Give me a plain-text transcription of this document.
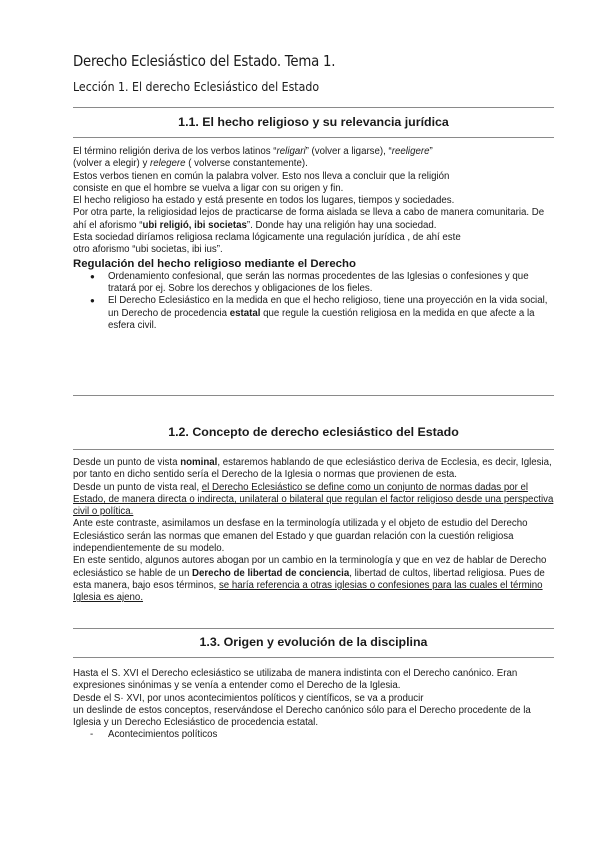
Derecho Eclesiástico del Estado. Tema 1.
Lección 1. El derecho Eclesiástico del Estado
1.1. El hecho religioso y su relevancia jurídica

El término religión deriva de los verbos latinos “religari” (volver a ligarse), “reeligere”

(volver a elegir) y relegere ( volverse constantemente).

Estos verbos tienen en común la palabra volver. Esto nos lleva a concluir que la religión

consiste en que el hombre se vuelva a ligar con su origen y fin.

El hecho religioso ha estado y está presente en todos los lugares, tiempos y sociedades.

Por otra parte, la religiosidad lejos de practicarse de forma aislada se lleva a cabo de manera comunitaria. De ahí el aforismo “ubi religió, ibi societas”. Donde hay una religión hay una sociedad.

Esta sociedad diríamos religiosa reclama lógicamente una regulación jurídica , de ahí este

otro aforismo “ubi societas, ibi ius”.

Regulación del hecho religioso mediante el Derecho

● Ordenamiento confesional, que serán las normas procedentes de las Iglesias o confesiones y que tratará por ej. Sobre los derechos y obligaciones de los fieles.
● El Derecho Eclesiástico en la medida en que el hecho religioso, tiene una proyección en la vida social, un Derecho de procedencia estatal que regule la cuestión religiosa en la medida en que afecte a la esfera civil.
1.2. Concepto de derecho eclesiástico del Estado

Desde un punto de vista nominal, estaremos hablando de que eclesiástico deriva de Ecclesia, es decir, Iglesia, por tanto en dicho sentido sería el Derecho de la Iglesia o normas que provienen de esta.

Desde un punto de vista real, el Derecho Eclesiástico se define como un conjunto de normas dadas por el Estado, de manera directa o indirecta, unilateral o bilateral que regulan el factor religioso desde una perspectiva civil o política.

Ante este contraste, asimilamos un desfase en la terminología utilizada y el objeto de estudio del Derecho Eclesiástico serán las normas que emanen del Estado y que guardan relación con la cuestión religiosa independientemente de su modelo.

En este sentido, algunos autores abogan por un cambio en la terminología y que en vez de hablar de Derecho eclesiástico se hable de un Derecho de libertad de conciencia, libertad de cultos, libertad religiosa. Pues de esta manera, bajo esos términos, se haría referencia a otras iglesias o confesiones para las cuales el término Iglesia es ajeno.

1.3. Origen y evolución de la disciplina

Hasta el S. XVI el Derecho eclesiástico se utilizaba de manera indistinta con el Derecho canónico. Eran expresiones sinónimas y se venía a entender como el Derecho de la Iglesia.

Desde el S· XVI, por unos acontecimientos políticos y científicos, se va a producir

un deslinde de estos conceptos, reservándose el Derecho canónico sólo para el Derecho procedente de la Iglesia y un Derecho Eclesiástico de procedencia estatal.

- Acontecimientos políticos
